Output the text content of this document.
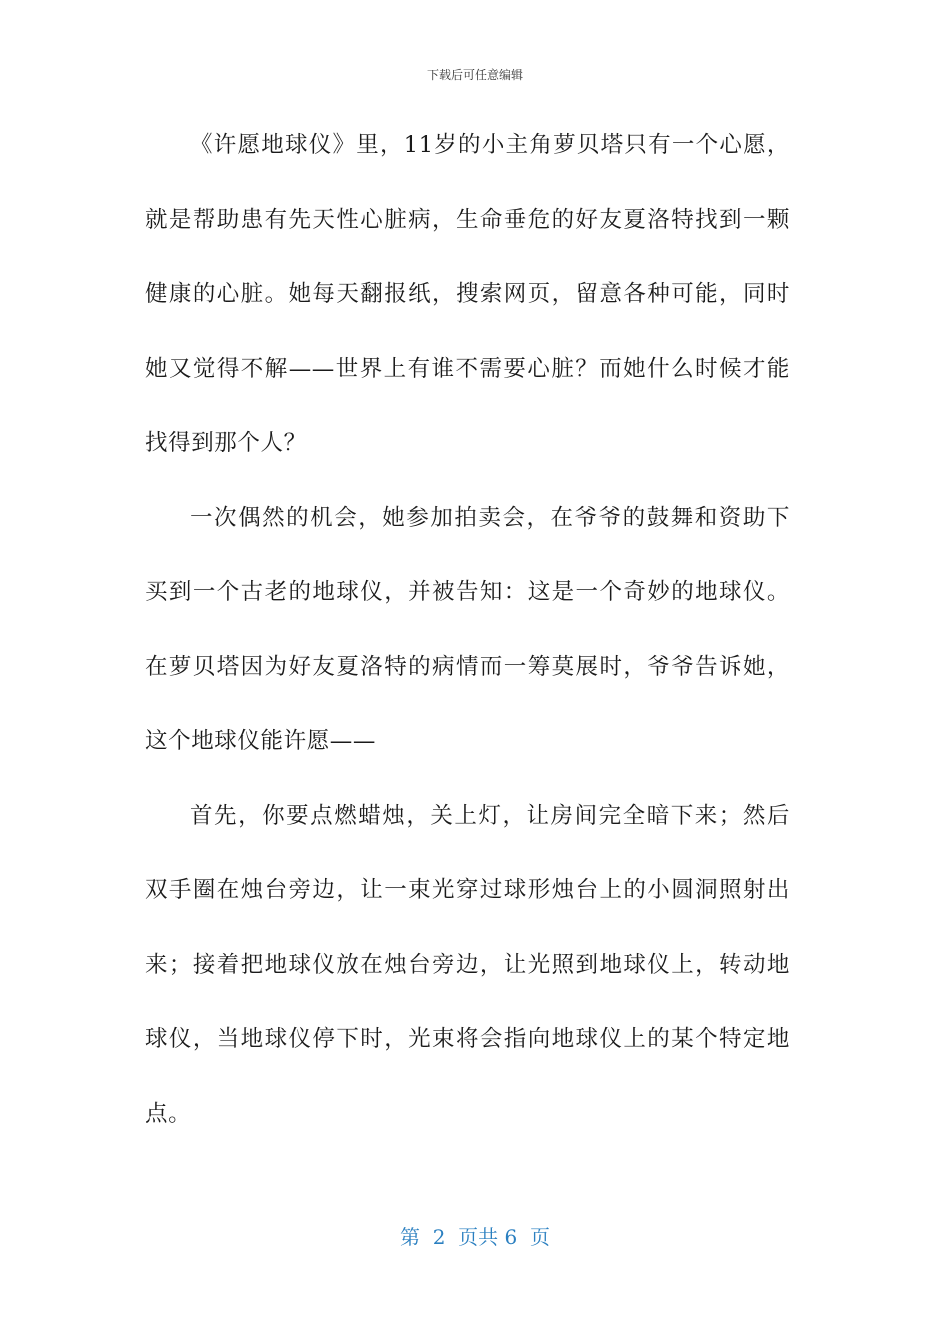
下载后可任意编辑

《许愿地球仪》里，11岁的小主角萝贝塔只有一个心愿，就是帮助患有先天性心脏病，生命垂危的好友夏洛特找到一颗健康的心脏。她每天翻报纸，搜索网页，留意各种可能，同时她又觉得不解——世界上有谁不需要心脏？而她什么时候才能找得到那个人？

一次偶然的机会，她参加拍卖会，在爷爷的鼓舞和资助下买到一个古老的地球仪，并被告知：这是一个奇妙的地球仪。在萝贝塔因为好友夏洛特的病情而一筹莫展时，爷爷告诉她，这个地球仪能许愿——

首先，你要点燃蜡烛，关上灯，让房间完全暗下来；然后双手圈在烛台旁边，让一束光穿过球形烛台上的小圆洞照射出来；接着把地球仪放在烛台旁边，让光照到地球仪上，转动地球仪，当地球仪停下时，光束将会指向地球仪上的某个特定地点。

第  2  页共 6  页
